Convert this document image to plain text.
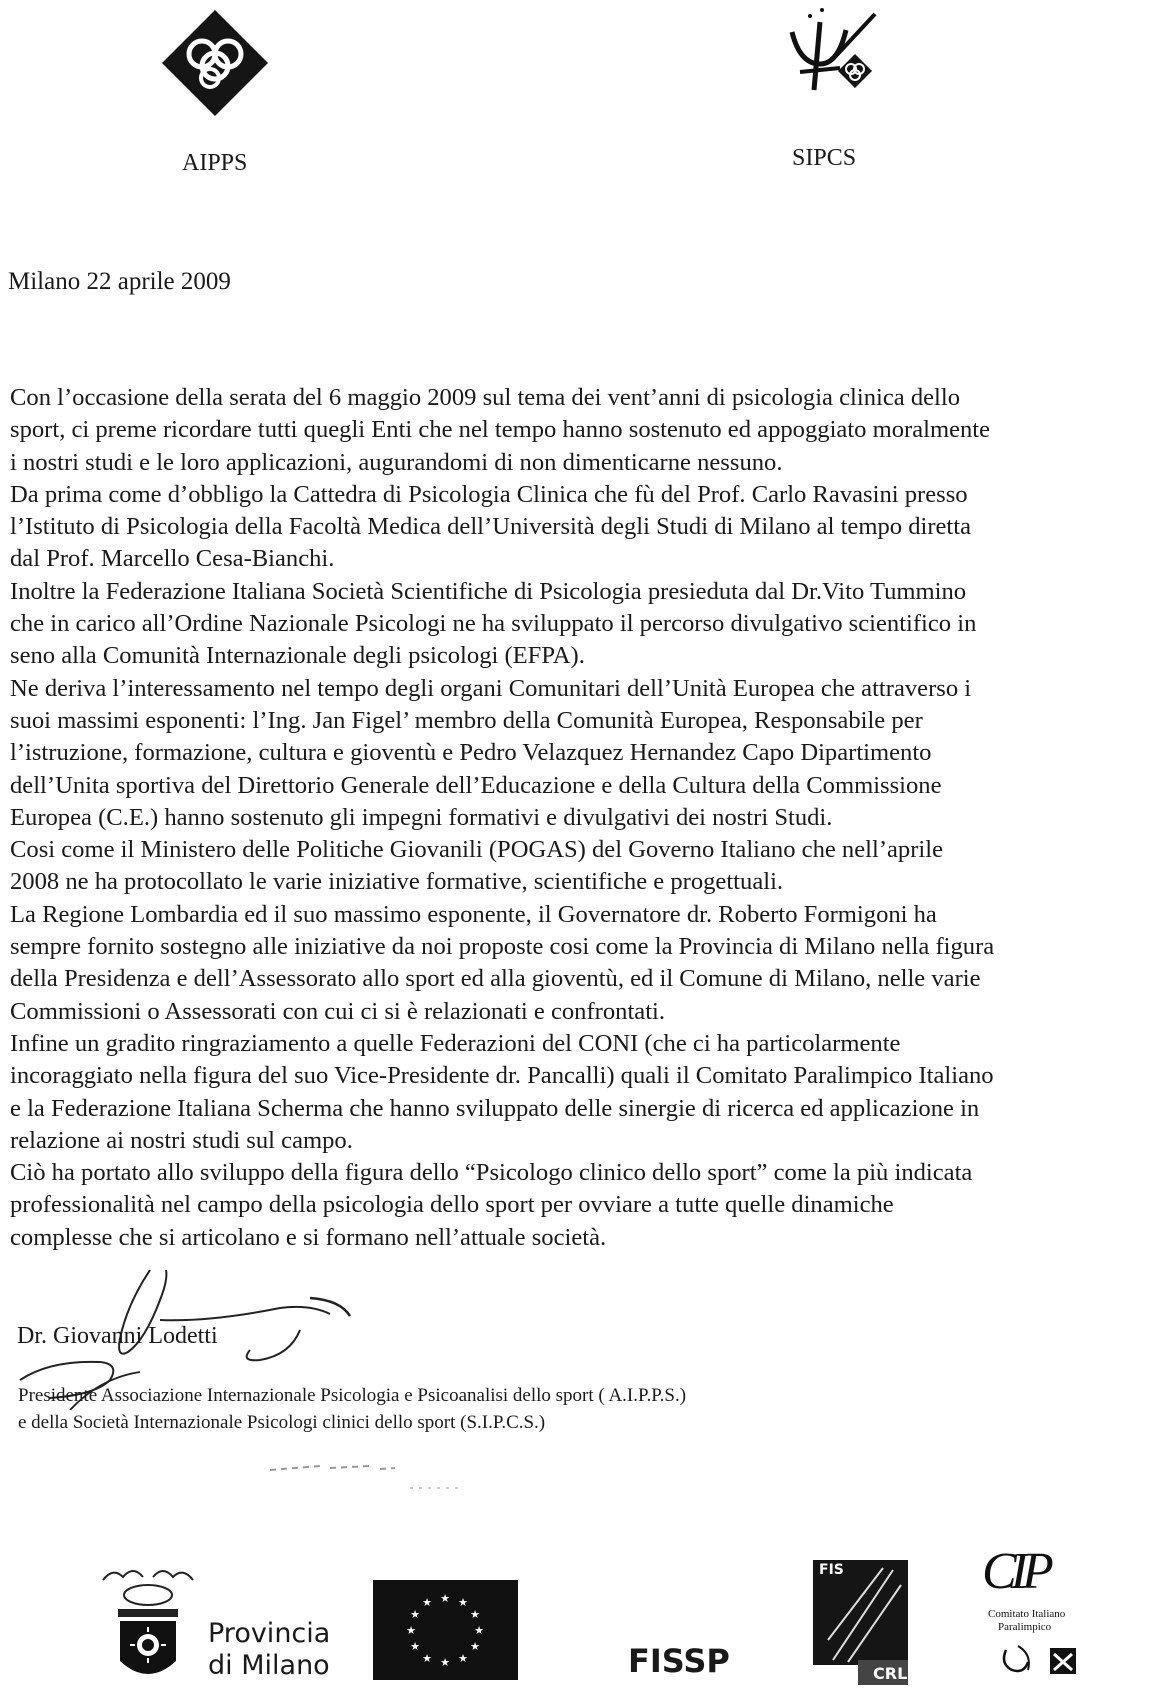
AIPPS	SIPCS
Milano 22 aprile 2009
Con l’occasione della serata del 6 maggio 2009 sul tema dei vent’anni di psicologia clinica dello
sport, ci preme ricordare tutti quegli Enti che nel tempo hanno sostenuto ed appoggiato moralmente
i nostri studi e le loro applicazioni, augurandomi di non dimenticarne nessuno.
Da prima come d’obbligo la Cattedra di Psicologia Clinica che fù del Prof. Carlo Ravasini presso
l’Istituto di Psicologia della Facoltà Medica dell’Università degli Studi di Milano al tempo diretta
dal Prof. Marcello Cesa-Bianchi.
Inoltre la Federazione Italiana Società Scientifiche di Psicologia presieduta dal Dr.Vito Tummino
che in carico all’Ordine Nazionale Psicologi ne ha sviluppato il percorso divulgativo scientifico in
seno alla Comunità Internazionale degli psicologi (EFPA).
Ne deriva l’interessamento nel tempo degli organi Comunitari dell’Unità Europea che attraverso i
suoi massimi esponenti: l’Ing. Jan Figel’ membro della Comunità Europea, Responsabile per
l’istruzione, formazione, cultura e gioventù e Pedro Velazquez Hernandez Capo Dipartimento
dell’Unita sportiva del Direttorio Generale dell’Educazione e della Cultura della Commissione
Europea (C.E.) hanno sostenuto gli impegni formativi e divulgativi dei nostri Studi.
Cosi come il Ministero delle Politiche Giovanili (POGAS) del Governo Italiano che nell’aprile
2008 ne ha protocollato le varie iniziative formative, scientifiche e progettuali.
La Regione Lombardia ed il suo massimo esponente, il Governatore dr. Roberto Formigoni ha
sempre fornito sostegno alle iniziative da noi proposte cosi come la Provincia di Milano nella figura
della Presidenza e dell’Assessorato allo sport ed alla gioventù, ed il Comune di Milano, nelle varie
Commissioni o Assessorati con cui ci si è relazionati e confrontati.
Infine un gradito ringraziamento a quelle Federazioni del CONI (che ci ha particolarmente
incoraggiato nella figura del suo Vice-Presidente dr. Pancalli) quali il Comitato Paralimpico Italiano
e la Federazione Italiana Scherma che hanno sviluppato delle sinergie di ricerca ed applicazione in
relazione ai nostri studi sul campo.
Ciò ha portato allo sviluppo della figura dello “Psicologo clinico dello sport” come la più indicata
professionalità nel campo della psicologia dello sport per ovviare a tutte quelle dinamiche
complesse che si articolano e si formano nell’attuale società.
Dr. Giovanni Lodetti
Presidente Associazione Internazionale Psicologia e Psicoanalisi dello sport ( A.I.P.P.S.)
e della Società Internazionale Psicologi clinici dello sport (S.I.P.C.S.)
Provincia
di Milano
★ ★
★
★
★
★
★
★
★
★
★
★
FISSP
FIS
CRL
CIP
Comitato Italiano
Paralimpico
